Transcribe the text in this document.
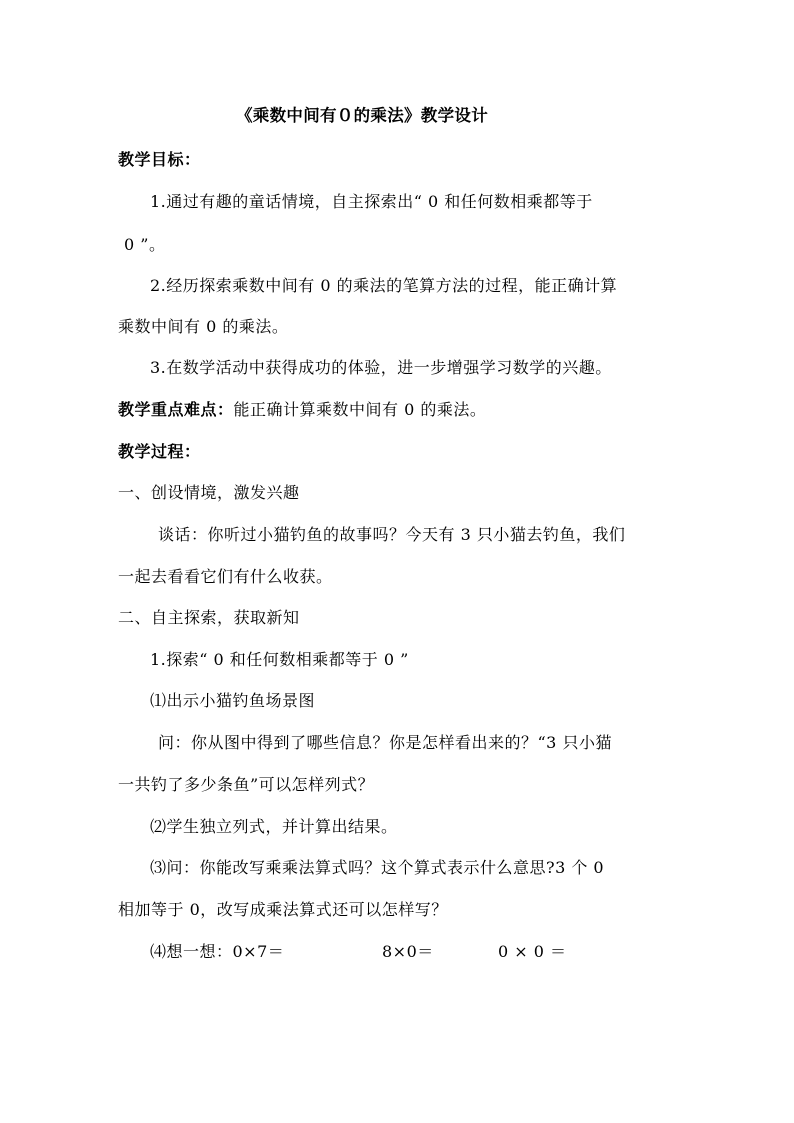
《乘数中间有０的乘法》教学设计
教学目标：
1.通过有趣的童话情境，自主探索出“ 0 和任何数相乘都等于
0 ”。
2.经历探索乘数中间有 0 的乘法的笔算方法的过程，能正确计算
乘数中间有 0 的乘法。
3.在数学活动中获得成功的体验，进一步增强学习数学的兴趣。
教学重点难点：能正确计算乘数中间有 0 的乘法。
教学过程：
一、创设情境，激发兴趣
谈话：你听过小猫钓鱼的故事吗？今天有 3 只小猫去钓鱼，我们
一起去看看它们有什么收获。
二、自主探索，获取新知
1.探索“ 0 和任何数相乘都等于 0 ”
⑴出示小猫钓鱼场景图
问：你从图中得到了哪些信息？你是怎样看出来的？“3 只小猫
一共钓了多少条鱼”可以怎样列式？
⑵学生独立列式，并计算出结果。
⑶问：你能改写乘乘法算式吗？这个算式表示什么意思?3 个 0
相加等于 0，改写成乘法算式还可以怎样写？
⑷想一想：0×7＝	8×0＝	0 × 0 ＝
